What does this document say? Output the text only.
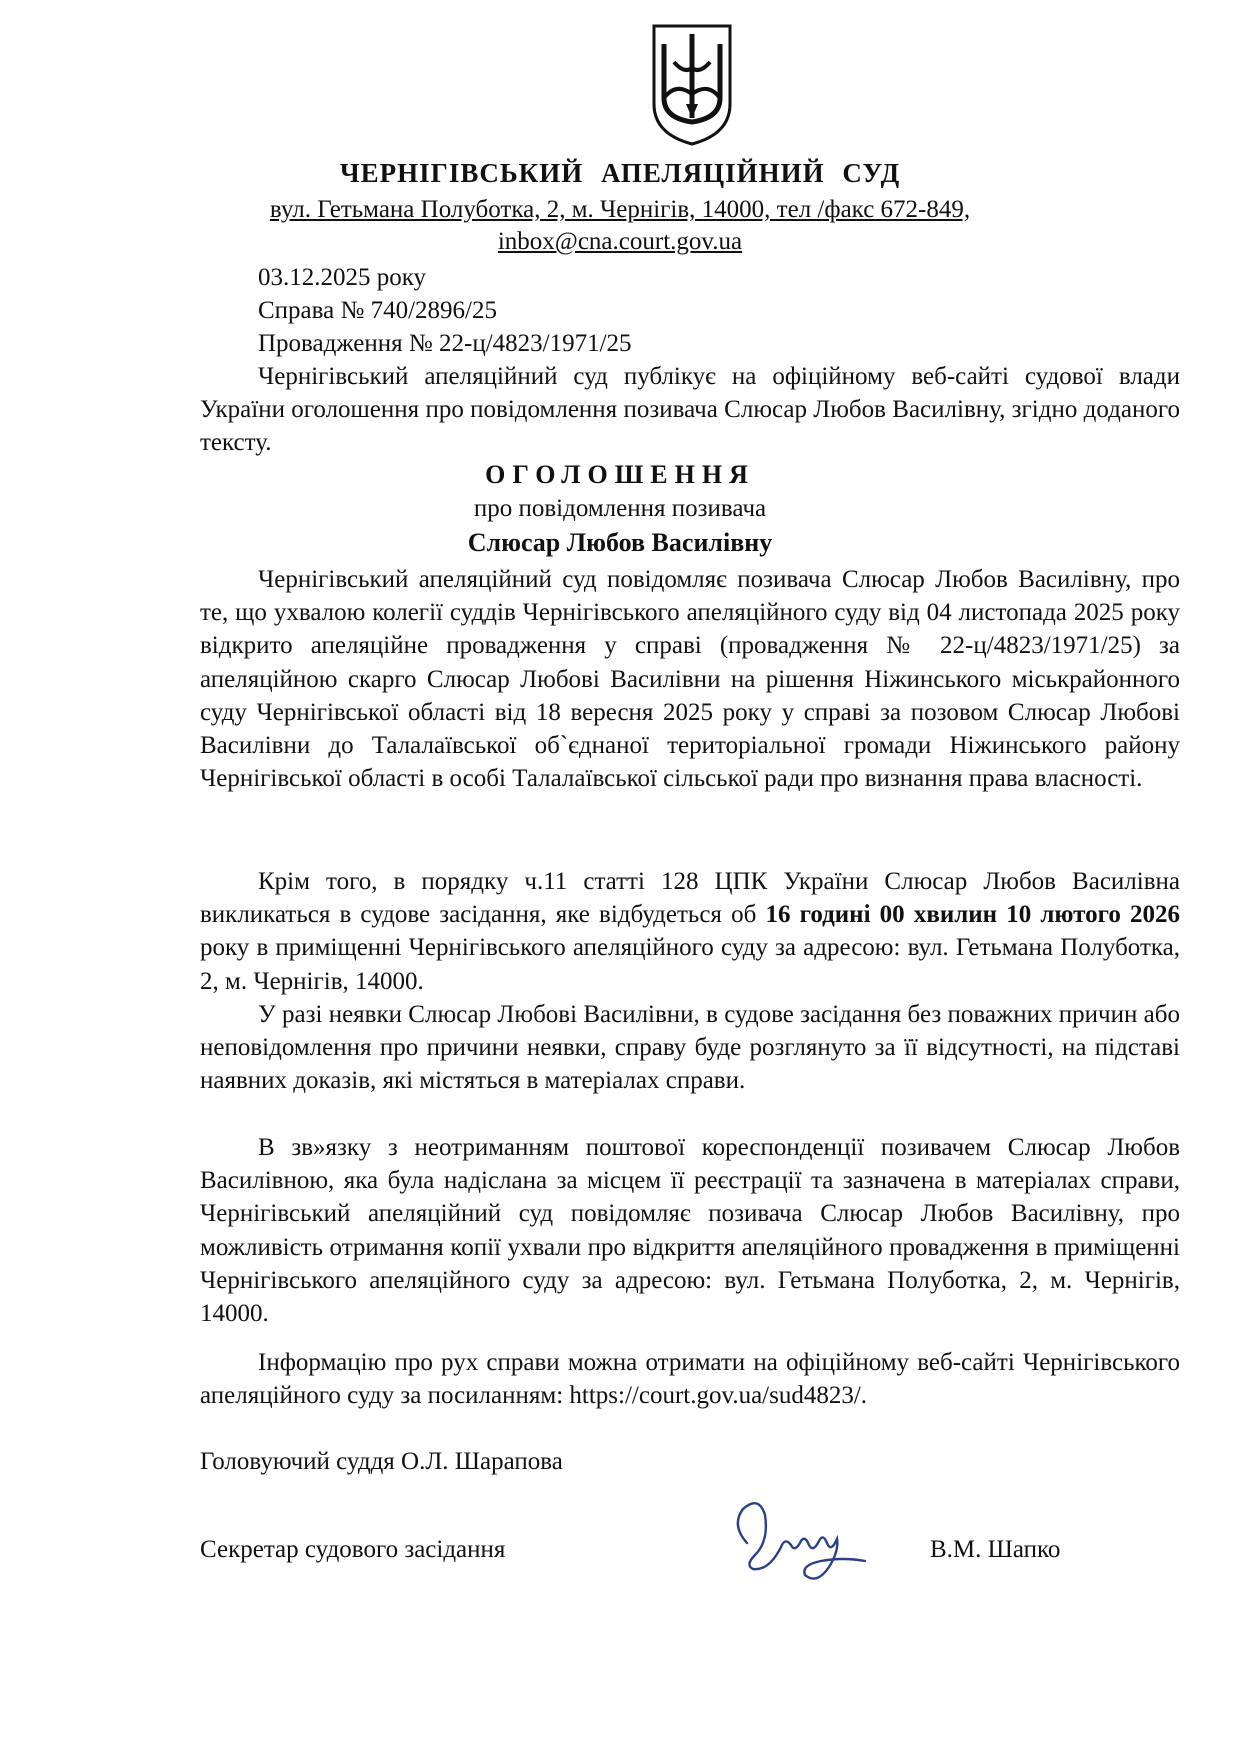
ЧЕРНІГІВСЬКИЙ АПЕЛЯЦІЙНИЙ СУД
вул. Гетьмана Полуботка, 2, м. Чернігів, 14000, тел /факс 672-849,
inbox@cna.court.gov.ua
03.12.2025 року
Справа № 740/2896/25
Провадження № 22-ц/4823/1971/25

Чернігівський апеляційний суд публікує на офіційному веб-сайті судової влади України оголошення про повідомлення позивача Слюсар Любов Василівну, згідно доданого тексту.

ОГОЛОШЕННЯ
про повідомлення позивача
Слюсар Любов Василівну

Чернігівський апеляційний суд повідомляє позивача Слюсар Любов Василівну, про те, що ухвалою колегії суддів Чернігівського апеляційного суду від 04 листопада 2025 року відкрито апеляційне провадження у справі (провадження № 22-ц/4823/1971/25) за апеляційною скарго Слюсар Любові Василівни на рішення Ніжинського міськрайонного суду Чернігівської області від 18 вересня 2025 року у справі за позовом Слюсар Любові Василівни до Талалаївської об`єднаної територіальної громади Ніжинського району Чернігівської області в особі Талалаївської сільської ради про визнання права власності.

Крім того, в порядку ч.11 статті 128 ЦПК України Слюсар Любов Василівна викликаться в судове засідання, яке відбудеться об 16 годині 00 хвилин 10 лютого 2026 року в приміщенні Чернігівського апеляційного суду за адресою: вул. Гетьмана Полуботка, 2, м. Чернігів, 14000.

У разі неявки Слюсар Любові Василівни, в судове засідання без поважних причин або неповідомлення про причини неявки, справу буде розглянуто за її відсутності, на підставі наявних доказів, які містяться в матеріалах справи.

В зв»язку з неотриманням поштової кореспонденції позивачем Слюсар Любов Василівною, яка була надіслана за місцем її реєстрації та зазначена в матеріалах справи, Чернігівський апеляційний суд повідомляє позивача Слюсар Любов Василівну, про можливість отримання копії ухвали про відкриття апеляційного провадження в приміщенні Чернігівського апеляційного суду за адресою: вул. Гетьмана Полуботка, 2, м. Чернігів, 14000.

Інформацію про рух справи можна отримати на офіційному веб-сайті Чернігівського апеляційного суду за посиланням: https://court.gov.ua/sud4823/.

Головуючий суддя О.Л. Шарапова
Секретар судового засідання	В.М. Шапко
